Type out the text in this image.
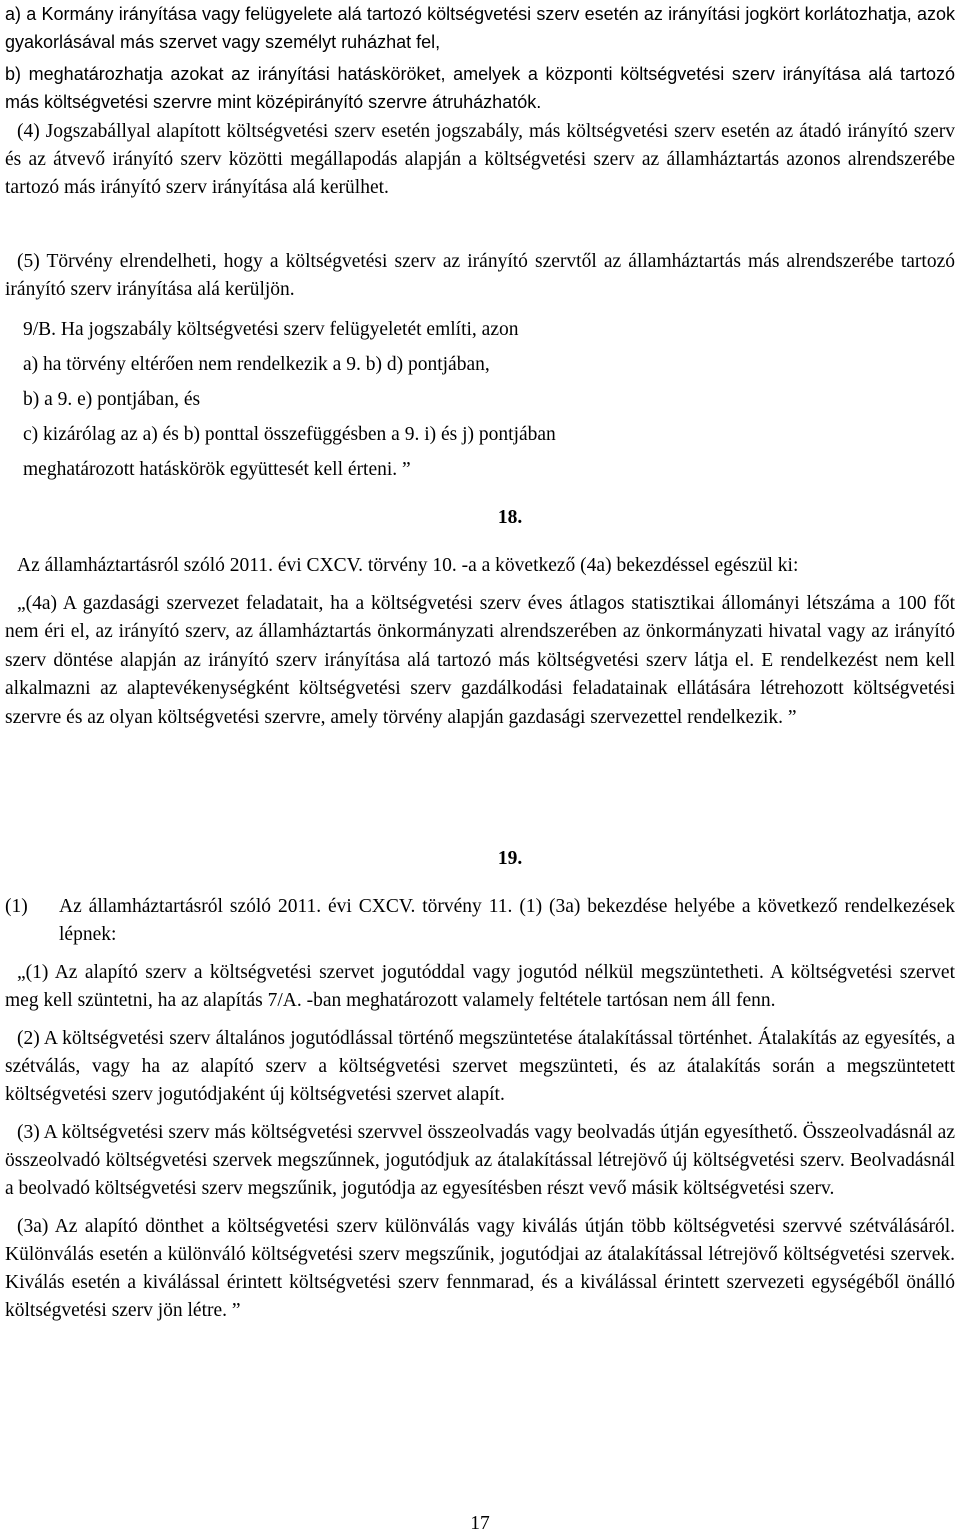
a) a Kormány irányítása vagy felügyelete alá tartozó költségvetési szerv esetén az irányítási jogkört korlátozhatja, azok gyakorlásával más szervet vagy személyt ruházhat fel,

b) meghatározhatja azokat az irányítási hatásköröket, amelyek a központi költségvetési szerv irányítása alá tartozó más költségvetési szervre mint középirányító szervre átruházhatók.

(4) Jogszabállyal alapított költségvetési szerv esetén jogszabály, más költségvetési szerv esetén az átadó irányító szerv és az átvevő irányító szerv közötti megállapodás alapján a költségvetési szerv az államháztartás azonos alrendszerébe tartozó más irányító szerv irányítása alá kerülhet.

(5) Törvény elrendelheti, hogy a költségvetési szerv az irányító szervtől az államháztartás más alrendszerébe tartozó irányító szerv irányítása alá kerüljön.

9/B. Ha jogszabály költségvetési szerv felügyeletét említi, azon

a) ha törvény eltérően nem rendelkezik a 9. b) d) pontjában,

b) a 9. e) pontjában, és

c) kizárólag az a) és b) ponttal összefüggésben a 9. i) és j) pontjában

meghatározott hatáskörök együttesét kell érteni. ”

18.

Az államháztartásról szóló 2011. évi CXCV. törvény 10. -a a következő (4a) bekezdéssel egészül ki:

„(4a) A gazdasági szervezet feladatait, ha a költségvetési szerv éves átlagos statisztikai állományi létszáma a 100 főt nem éri el, az irányító szerv, az államháztartás önkormányzati alrendszerében az önkormányzati hivatal vagy az irányító szerv döntése alapján az irányító szerv irányítása alá tartozó más költségvetési szerv látja el. E rendelkezést nem kell alkalmazni az alaptevékenységként költségvetési szerv gazdálkodási feladatainak ellátására létrehozott költségvetési szervre és az olyan költségvetési szervre, amely törvény alapján gazdasági szervezettel rendelkezik. ”

19.

(1)	Az államháztartásról szóló 2011. évi CXCV. törvény 11. (1) (3a) bekezdése helyébe a következő rendelkezések lépnek:

„(1) Az alapító szerv a költségvetési szervet jogutóddal vagy jogutód nélkül megszüntetheti. A költségvetési szervet meg kell szüntetni, ha az alapítás 7/A. -ban meghatározott valamely feltétele tartósan nem áll fenn.

(2) A költségvetési szerv általános jogutódlással történő megszüntetése átalakítással történhet. Átalakítás az egyesítés, a szétválás, vagy ha az alapító szerv a költségvetési szervet megszünteti, és az átalakítás során a megszüntetett költségvetési szerv jogutódjaként új költségvetési szervet alapít.

(3) A költségvetési szerv más költségvetési szervvel összeolvadás vagy beolvadás útján egyesíthető. Összeolvadásnál az összeolvadó költségvetési szervek megszűnnek, jogutódjuk az átalakítással létrejövő új költségvetési szerv. Beolvadásnál a beolvadó költségvetési szerv megszűnik, jogutódja az egyesítésben részt vevő másik költségvetési szerv.

(3a) Az alapító dönthet a költségvetési szerv különválás vagy kiválás útján több költségvetési szervvé szétválásáról. Különválás esetén a különváló költségvetési szerv megszűnik, jogutódjai az átalakítással létrejövő költségvetési szervek. Kiválás esetén a kiválással érintett költségvetési szerv fennmarad, és a kiválással érintett szervezeti egységéből önálló költségvetési szerv jön létre. ”

17
